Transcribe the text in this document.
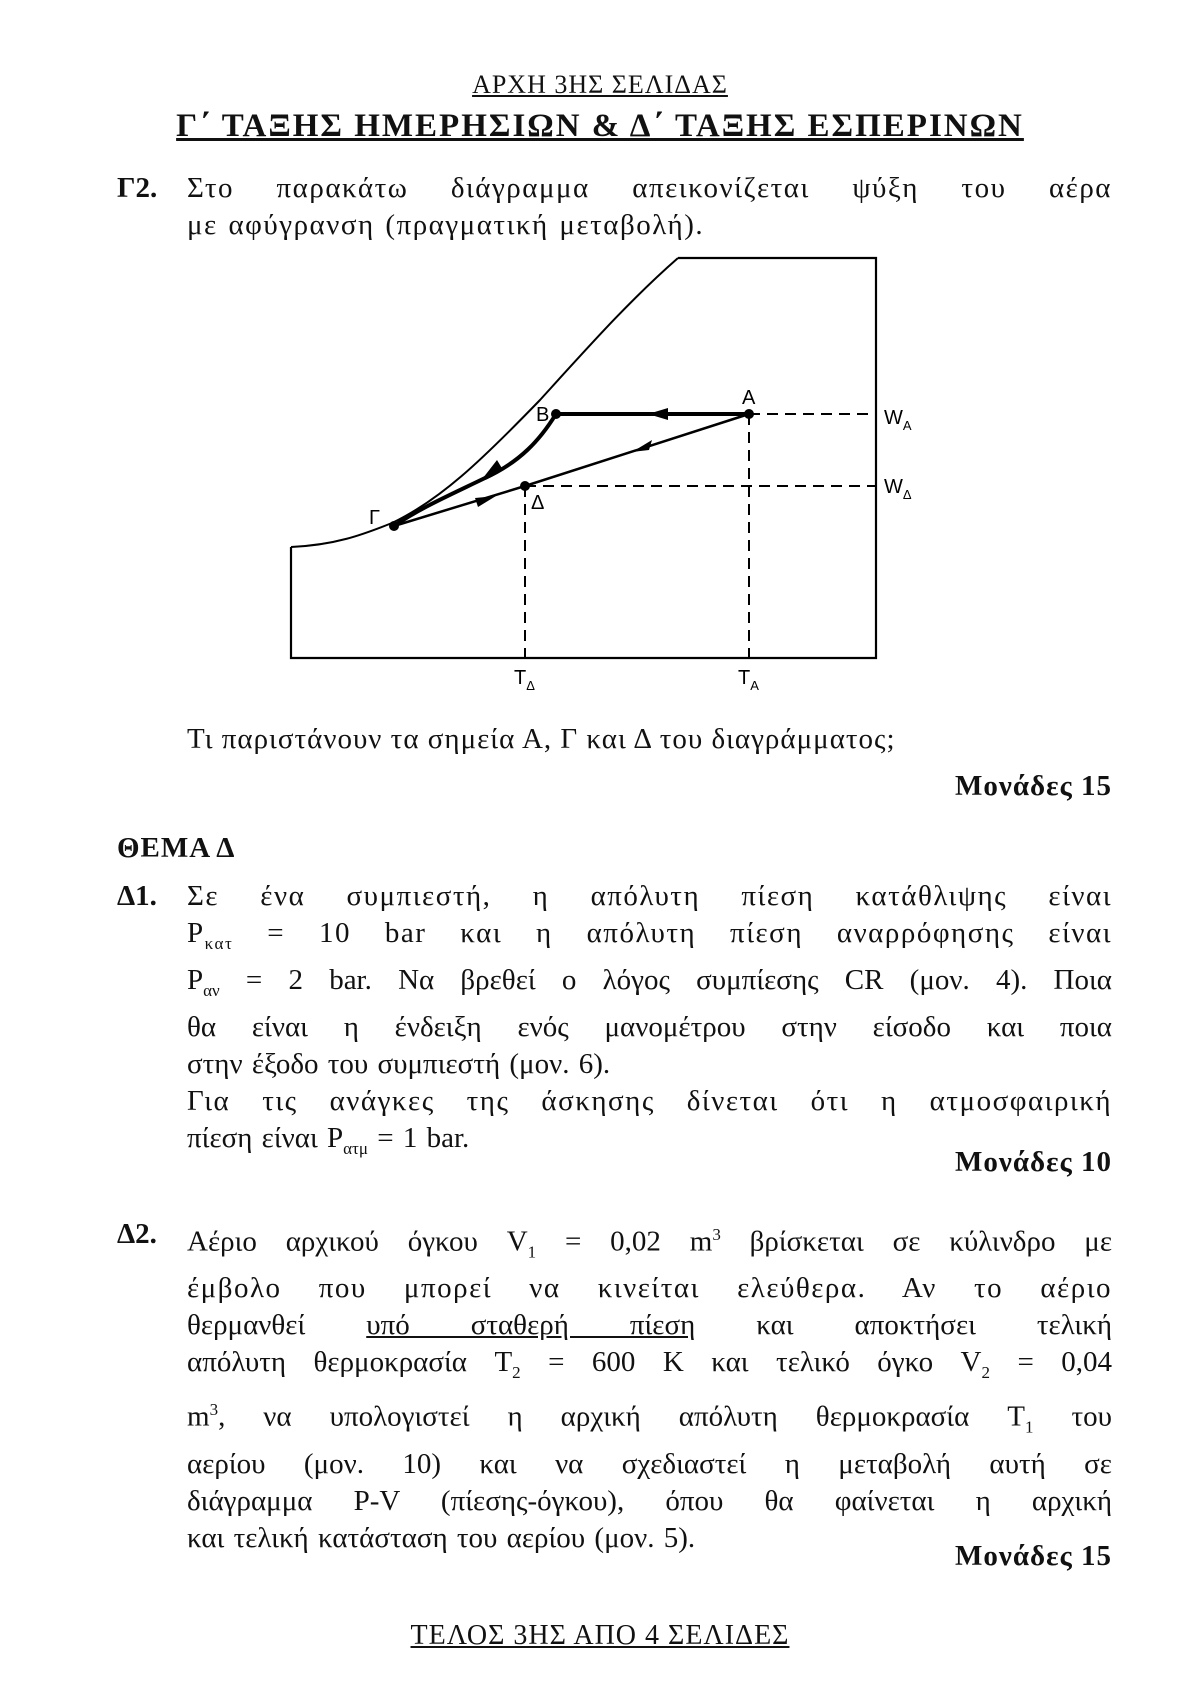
ΑΡΧΗ 3ΗΣ ΣΕΛΙΔΑΣ
Γ΄ ΤΑΞΗΣ ΗΜΕΡΗΣΙΩΝ & Δ΄ ΤΑΞΗΣ ΕΣΠΕΡΙΝΩΝ
Γ2. Στο παρακάτω διάγραμμα απεικονίζεται ψύξη του αέρα
με αφύγρανση (πραγματική μεταβολή).
A
B
Γ
Δ
$W_A$
$W_\Delta$
$T_\Delta$	$T_A$
Τι παριστάνουν τα σημεία Α, Γ και Δ του διαγράμματος;
Μονάδες 15
ΘΕΜΑ Δ
Δ1. Σε ένα συμπιεστή, η απόλυτη πίεση κατάθλιψης είναι
$P_{\kappa\alpha\tau} = 10$ bar και η απόλυτη πίεση αναρρόφησης είναι
$P_{\alpha\nu} = 2$ bar. Να βρεθεί ο λόγος συμπίεσης CR (μον. 4). Ποια
θα είναι η ένδειξη ενός μανομέτρου στην είσοδο και ποια
στην έξοδο του συμπιεστή (μον. 6).
Για τις ανάγκες της άσκησης δίνεται ότι η ατμοσφαιρική
πίεση είναι $P_{\alpha\tau\mu} = 1$ bar.
Μονάδες 10
Δ2. Αέριο αρχικού όγκου $V_1 = 0,02$ $m^3$ βρίσκεται σε κύλινδρο με
έμβολο που μπορεί να κινείται ελεύθερα. Αν το αέριο
θερμανθεί υπό σταθερή πίεση και αποκτήσει τελική
απόλυτη θερμοκρασία $T_2 = 600$ K και τελικό όγκο $V_2 = 0,04$
$m^3$, να υπολογιστεί η αρχική απόλυτη θερμοκρασία $T_1$ του
αερίου (μον. 10) και να σχεδιαστεί η μεταβολή αυτή σε
διάγραμμα P-V (πίεσης-όγκου), όπου θα φαίνεται η αρχική
και τελική κατάσταση του αερίου (μον. 5).
Μονάδες 15
ΤΕΛΟΣ 3ΗΣ ΑΠΟ 4 ΣΕΛΙΔΕΣ
